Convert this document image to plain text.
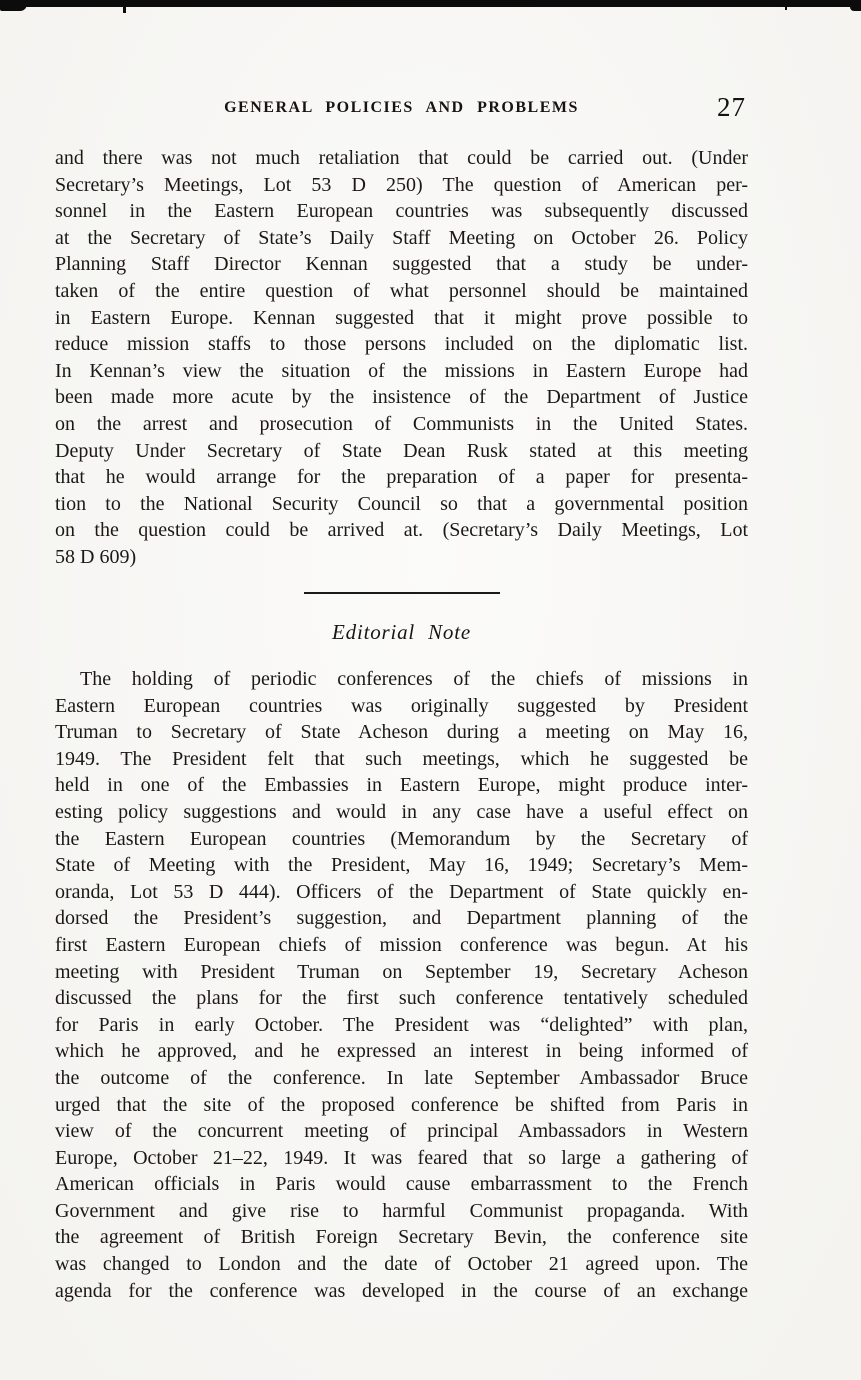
GENERAL POLICIES AND PROBLEMS	27
and there was not much retaliation that could be carried out. (Under
Secretary’s Meetings, Lot 53 D 250) The question of American per-
sonnel in the Eastern European countries was subsequently discussed
at the Secretary of State’s Daily Staff Meeting on October 26. Policy
Planning Staff Director Kennan suggested that a study be under-
taken of the entire question of what personnel should be maintained
in Eastern Europe. Kennan suggested that it might prove possible to
reduce mission staffs to those persons included on the diplomatic list.
In Kennan’s view the situation of the missions in Eastern Europe had
been made more acute by the insistence of the Department of Justice
on the arrest and prosecution of Communists in the United States.
Deputy Under Secretary of State Dean Rusk stated at this meeting
that he would arrange for the preparation of a paper for presenta-
tion to the National Security Council so that a governmental position
on the question could be arrived at. (Secretary’s Daily Meetings, Lot
58 D 609)
Editorial Note
The holding of periodic conferences of the chiefs of missions in
Eastern European countries was originally suggested by President
Truman to Secretary of State Acheson during a meeting on May 16,
1949. The President felt that such meetings, which he suggested be
held in one of the Embassies in Eastern Europe, might produce inter-
esting policy suggestions and would in any case have a useful effect on
the Eastern European countries (Memorandum by the Secretary of
State of Meeting with the President, May 16, 1949; Secretary’s Mem-
oranda, Lot 53 D 444). Officers of the Department of State quickly en-
dorsed the President’s suggestion, and Department planning of the
first Eastern European chiefs of mission conference was begun. At his
meeting with President Truman on September 19, Secretary Acheson
discussed the plans for the first such conference tentatively scheduled
for Paris in early October. The President was “delighted” with plan,
which he approved, and he expressed an interest in being informed of
the outcome of the conference. In late September Ambassador Bruce
urged that the site of the proposed conference be shifted from Paris in
view of the concurrent meeting of principal Ambassadors in Western
Europe, October 21–22, 1949. It was feared that so large a gathering of
American officials in Paris would cause embarrassment to the French
Government and give rise to harmful Communist propaganda. With
the agreement of British Foreign Secretary Bevin, the conference site
was changed to London and the date of October 21 agreed upon. The
agenda for the conference was developed in the course of an exchange
